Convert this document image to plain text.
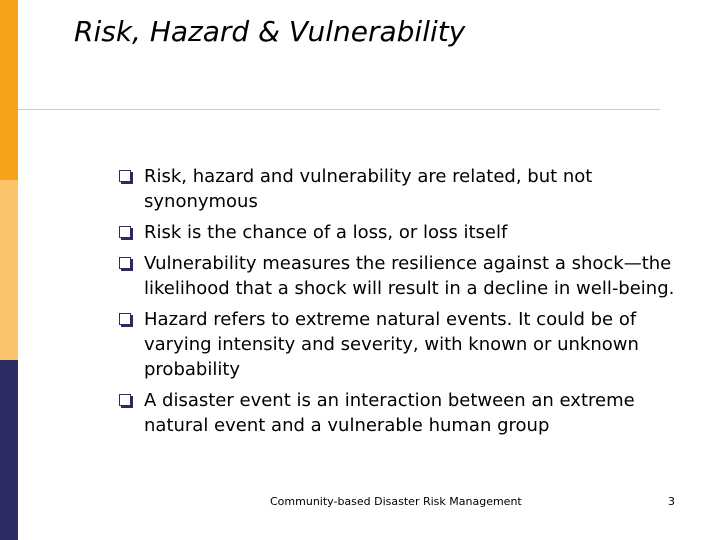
Risk, Hazard & Vulnerability
Risk, hazard and vulnerability are related, but not synonymous
Risk is the chance of a loss, or loss itself
Vulnerability measures the resilience against a shock—the likelihood that a shock will result in a decline in well-being.
Hazard refers to extreme natural events. It could be of varying intensity and severity, with known or unknown probability
A disaster event is an interaction between an extreme natural event and a vulnerable human group
Community-based Disaster Risk Management	3
